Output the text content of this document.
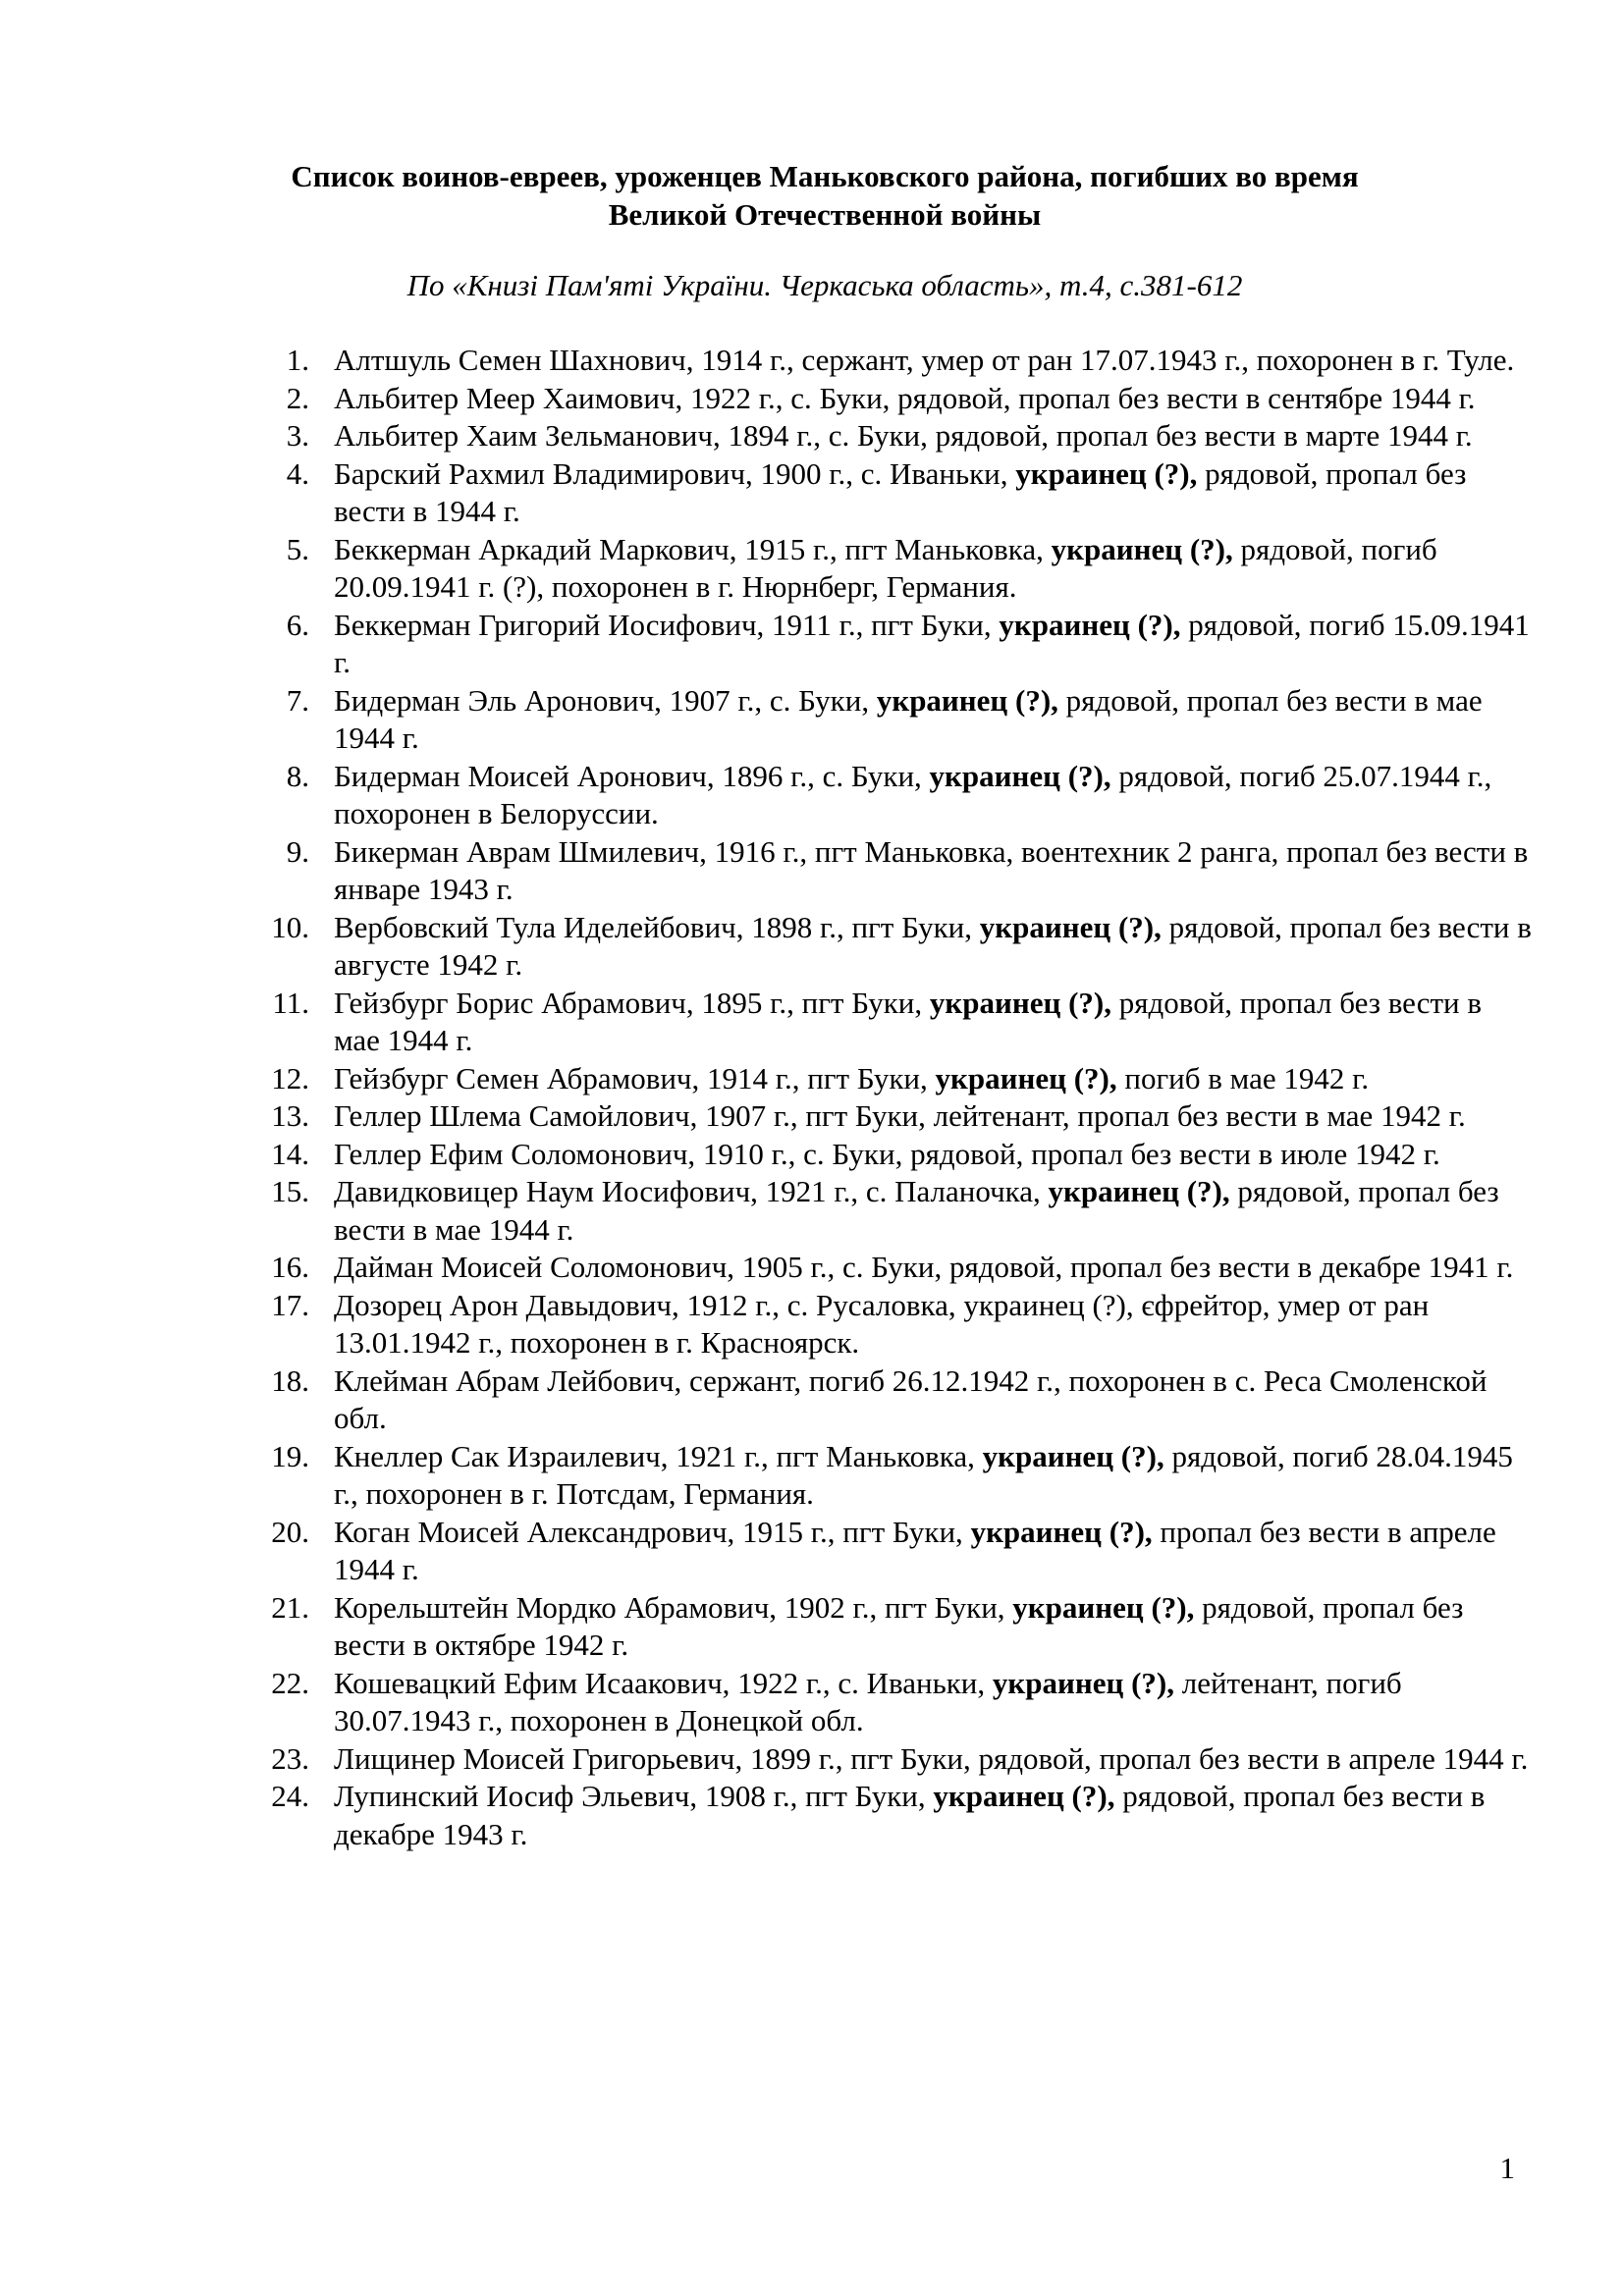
Список воинов-евреев, уроженцев Маньковского района, погибших во время Великой Отечественной войны

По «Книзі Пам'яті України. Черкаська область», т.4, с.381-612

1. Алтшуль Семен Шахнович, 1914 г., сержант, умер от ран 17.07.1943 г., похоронен в г. Туле.
2. Альбитер Меер Хаимович, 1922 г., с. Буки, рядовой, пропал без вести в сентябре 1944 г.
3. Альбитер Хаим Зельманович, 1894 г., с. Буки, рядовой, пропал без вести в марте 1944 г.
4. Барский Рахмил Владимирович, 1900 г., с. Иваньки, украинец (?), рядовой, пропал без вести в 1944 г.
5. Беккерман Аркадий Маркович, 1915 г., пгт Маньковка, украинец (?), рядовой, погиб 20.09.1941 г. (?), похоронен в г. Нюрнберг, Германия.
6. Беккерман Григорий Иосифович, 1911 г., пгт Буки, украинец (?), рядовой, погиб 15.09.1941 г.
7. Бидерман Эль Аронович, 1907 г., с. Буки, украинец (?), рядовой, пропал без вести в мае 1944 г.
8. Бидерман Моисей Аронович, 1896 г., с. Буки, украинец (?), рядовой, погиб 25.07.1944 г., похоронен в Белоруссии.
9. Бикерман Аврам Шмилевич, 1916 г., пгт Маньковка, воентехник 2 ранга, пропал без вести в январе 1943 г.
10. Вербовский Тула Иделейбович, 1898 г., пгт Буки, украинец (?), рядовой, пропал без вести в августе 1942 г.
11. Гейзбург Борис Абрамович, 1895 г., пгт Буки, украинец (?), рядовой, пропал без вести в мае 1944 г.
12. Гейзбург Семен Абрамович, 1914 г., пгт Буки, украинец (?), погиб в мае 1942 г.
13. Геллер Шлема Самойлович, 1907 г., пгт Буки, лейтенант, пропал без вести в мае 1942 г.
14. Геллер Ефим Соломонович, 1910 г., с. Буки, рядовой, пропал без вести в июле 1942 г.
15. Давидковицер Наум Иосифович, 1921 г., с. Паланочка, украинец (?), рядовой, пропал без вести в мае 1944 г.
16. Дайман Моисей Соломонович, 1905 г., с. Буки, рядовой, пропал без вести в декабре 1941 г.
17. Дозорец Арон Давыдович, 1912 г., с. Русаловка, украинец (?), єфрейтор, умер от ран 13.01.1942 г., похоронен в г. Красноярск.
18. Клейман Абрам Лейбович, сержант, погиб 26.12.1942 г., похоронен в с. Реса Смоленской обл.
19. Кнеллер Сак Израилевич, 1921 г., пгт Маньковка, украинец (?), рядовой, погиб 28.04.1945 г., похоронен в г. Потсдам, Германия.
20. Коган Моисей Александрович, 1915 г., пгт Буки, украинец (?), пропал без вести в апреле 1944 г.
21. Корельштейн Мордко Абрамович, 1902 г., пгт Буки, украинец (?), рядовой, пропал без вести в октябре 1942 г.
22. Кошевацкий Ефим Исаакович, 1922 г., с. Иваньки, украинец (?), лейтенант, погиб 30.07.1943 г., похоронен в Донецкой обл.
23. Лищинер Моисей Григорьевич, 1899 г., пгт Буки, рядовой, пропал без вести в апреле 1944 г.
24. Лупинский Иосиф Эльевич, 1908 г., пгт Буки, украинец (?), рядовой, пропал без вести в декабре 1943 г.
1
